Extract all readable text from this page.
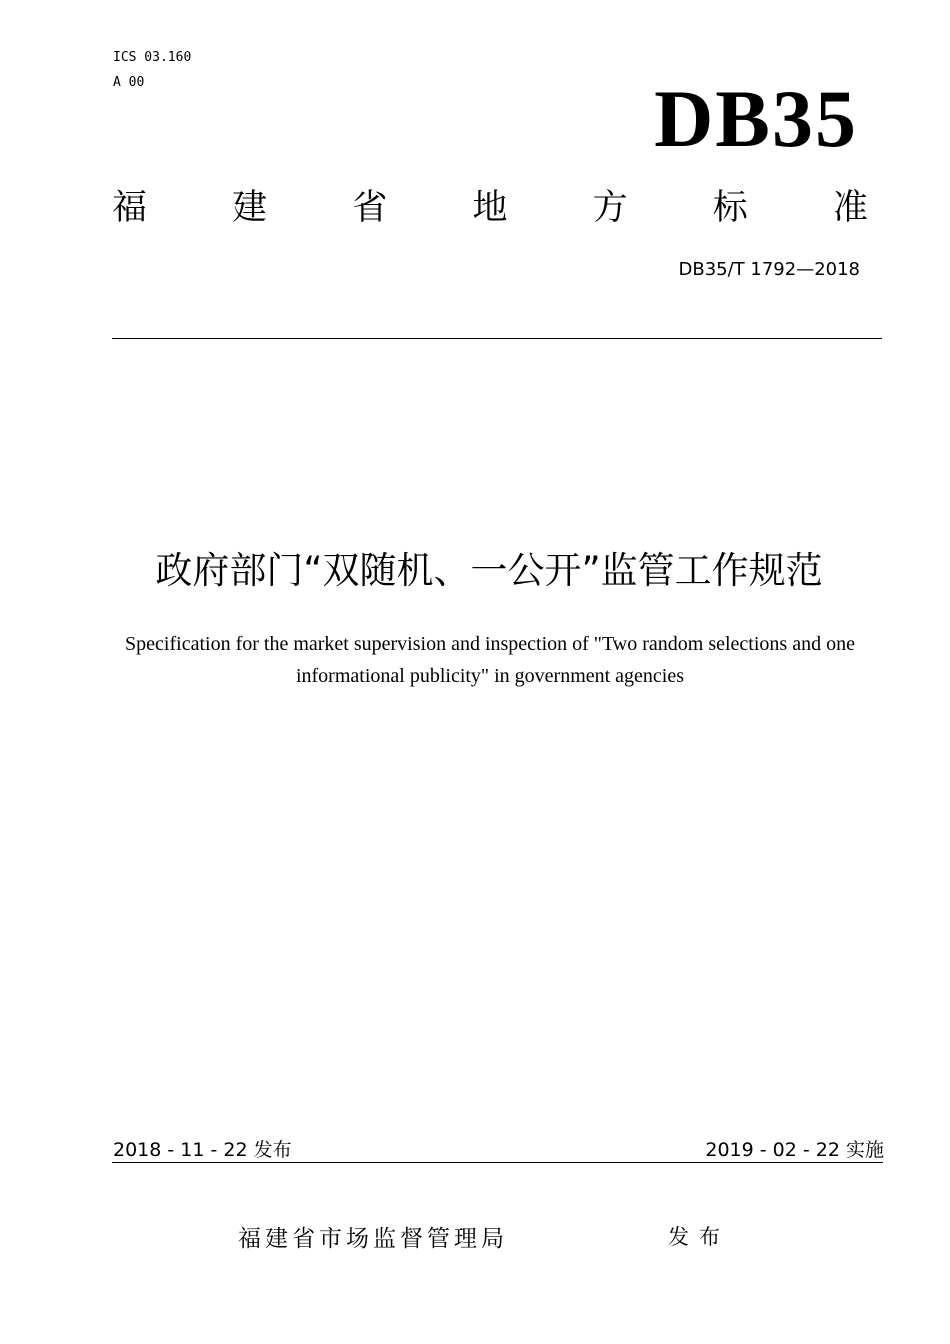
ICS 03.160
A 00	DB35
福 建 省 地 方 标 准
DB35/T 1792—2018
政府部门“双随机、一公开”监管工作规范
Specification for the market supervision and inspection of "Two random selections and one informational publicity" in government agencies
2018 - 11 - 22 发布	2019 - 02 - 22 实施
福建省市场监督管理局	发布
